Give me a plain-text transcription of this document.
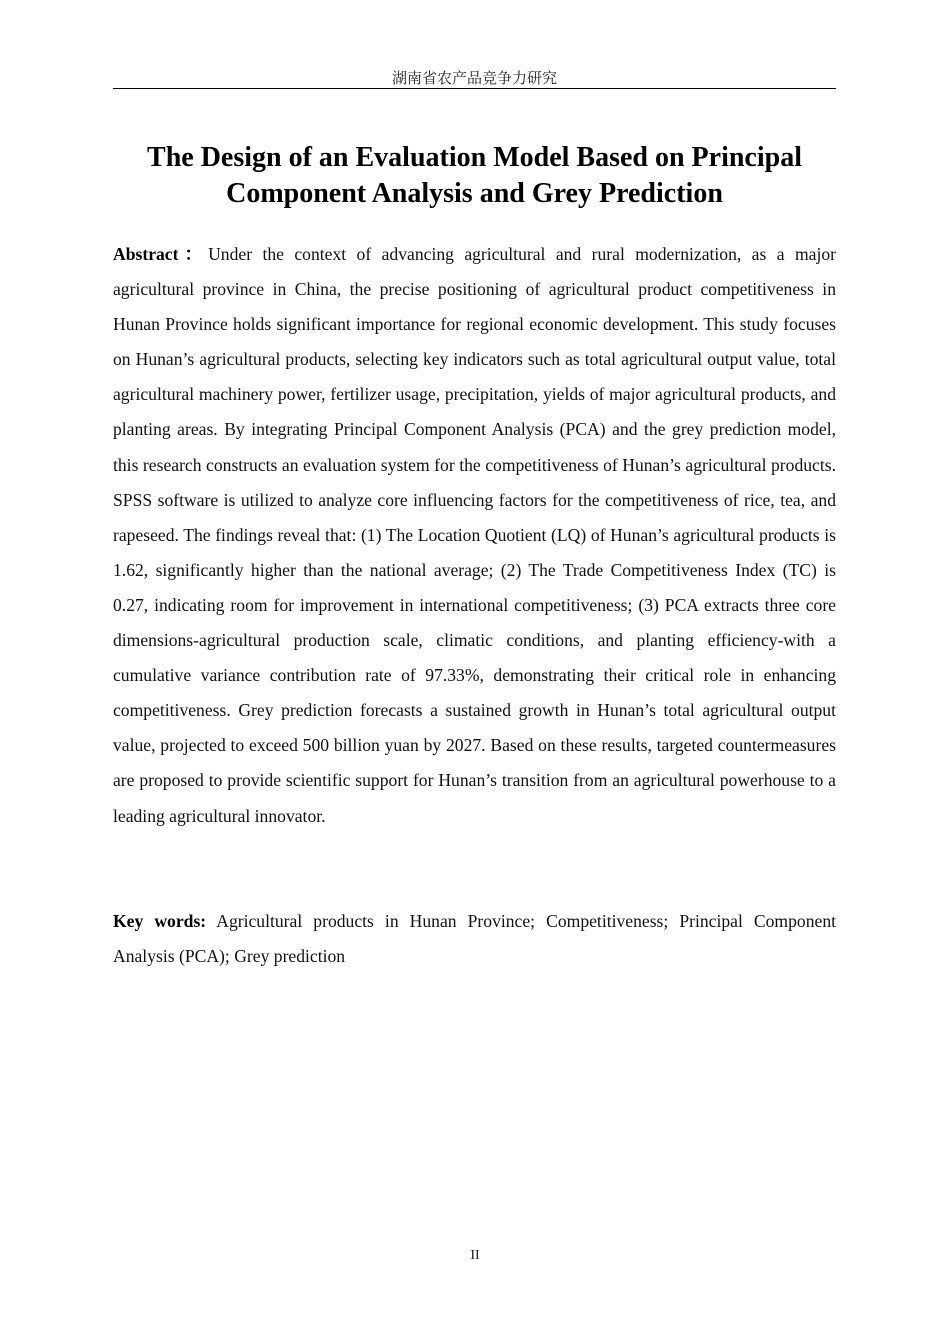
湖南省农产品竞争力研究
The Design of an Evaluation Model Based on Principal Component Analysis and Grey Prediction

Abstract：Under the context of advancing agricultural and rural modernization, as a major agricultural province in China, the precise positioning of agricultural product competitiveness in Hunan Province holds significant importance for regional economic development. This study focuses on Hunan’s agricultural products, selecting key indicators such as total agricultural output value, total agricultural machinery power, fertilizer usage, precipitation, yields of major agricultural products, and planting areas. By integrating Principal Component Analysis (PCA) and the grey prediction model, this research constructs an evaluation system for the competitiveness of Hunan’s agricultural products. SPSS software is utilized to analyze core influencing factors for the competitiveness of rice, tea, and rapeseed. The findings reveal that: (1) The Location Quotient (LQ) of Hunan’s agricultural products is 1.62, significantly higher than the national average; (2) The Trade Competitiveness Index (TC) is 0.27, indicating room for improvement in international competitiveness; (3) PCA extracts three core dimensions-agricultural production scale, climatic conditions, and planting efficiency-with a cumulative variance contribution rate of 97.33%, demonstrating their critical role in enhancing competitiveness. Grey prediction forecasts a sustained growth in Hunan’s total agricultural output value, projected to exceed 500 billion yuan by 2027. Based on these results, targeted countermeasures are proposed to provide scientific support for Hunan’s transition from an agricultural powerhouse to a leading agricultural innovator.

Key words: Agricultural products in Hunan Province; Competitiveness; Principal Component Analysis (PCA); Grey prediction

II
